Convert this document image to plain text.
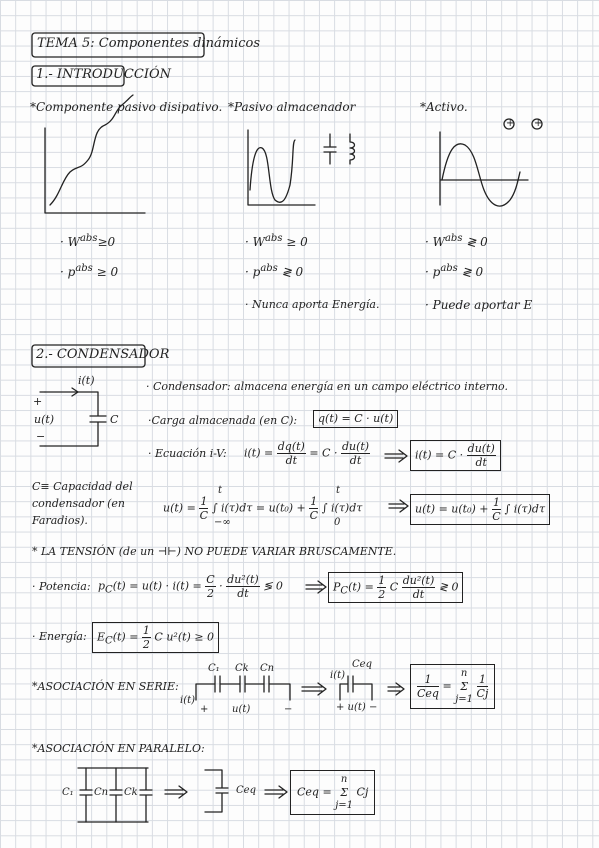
TEMA 5: Componentes dinámicos
1.- INTRODUCCIÓN
*Componente pasivo disipativo.
· $W^{abs}\ge 0$
· $p^{abs} \ge 0$
*Pasivo almacenador
· $W^{abs} \ge 0$
· $p^{abs}$ ≷ 0
· Nunca aporta Energía.
*Activo.
+ +
· $W^{abs}$ ≷ 0
· $p^{abs}$ ≷ 0
· Puede aportar E
2.- CONDENSADOR
i(t)
C
+
u(t)
−
· Condensador: almacena energía en un campo eléctrico interno.
·Carga almacenada (en C):	q(t) = C · u(t)
· Ecuación i-V: $i(t) = \frac{dq(t)}{dt} = C \cdot \frac{du(t)}{dt}$	$i(t) = C \cdot \frac{du(t)}{dt}$
C≡ Capacidad del
condensador (en
Faradios).
$u(t) = \frac{1}{C}$ ∫ $i(\tau)d\tau = u(t_0) + \frac{1}{C}$ ∫ i(τ)dτ
t
−∞
t
0
$u(t) = u(t_0) + \frac{1}{C}$ ∫ i(τ)dτ
* LA TENSIÓN (de un ⊣⊢) NO PUEDE VARIAR BRUSCAMENTE.
· Potencia: $p_C(t) = u(t) \cdot i(t) = \frac{C}{2} \cdot \frac{\text{du²(t)}}{dt}$ ≶ 0	$P_C(t) = \frac{1}{2}$ C $\frac{\text{du²(t)}}{dt}$ ≷ 0
· Energía: $E_C(t) = \frac{1}{2}$ C u²(t) ≥ 0
*ASOCIACIÓN EN SERIE:
C₁ Ck Cn
i(t)
+ u(t)	−
Ceq
i(t)
+ u(t) −
$\frac{1}{\text{Ceq}}$ =
n
Σ
j=1
$\frac{1}{Cj}$
*ASOCIACIÓN EN PARALELO:
C₁ Cn Ck	Ceq	Ceq =
n
Σ
j=1
Cj
